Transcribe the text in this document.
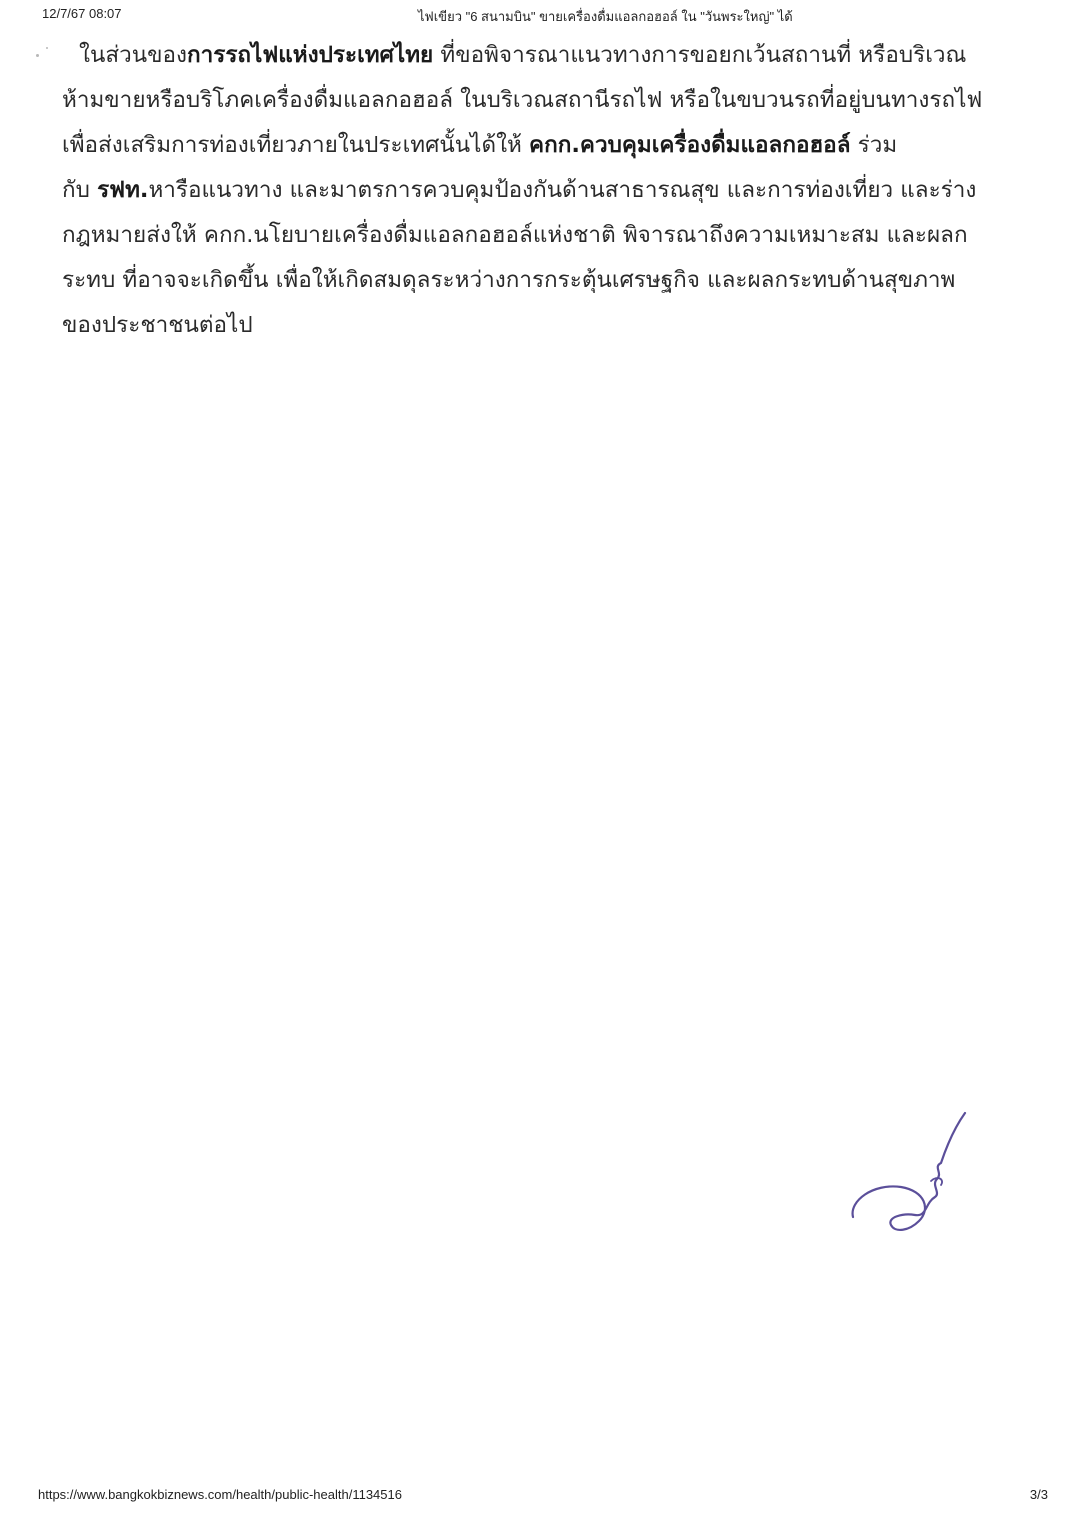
12/7/67 08:07	ไฟเขียว "6 สนามบิน" ขายเครื่องดื่มแอลกอฮอล์ ใน "วันพระใหญ่" ได้
ในส่วนของการรถไฟแห่งประเทศไทย ที่ขอพิจารณาแนวทางการขอยกเว้นสถานที่ หรือบริเวณ
ห้ามขายหรือบริโภคเครื่องดื่มแอลกอฮอล์ ในบริเวณสถานีรถไฟ หรือในขบวนรถที่อยู่บนทางรถไฟ
เพื่อส่งเสริมการท่องเที่ยวภายในประเทศนั้นได้ให้ คกก.ควบคุมเครื่องดื่มแอลกอฮอล์ ร่วม
กับ รฟท.หารือแนวทาง และมาตรการควบคุมป้องกันด้านสาธารณสุข และการท่องเที่ยว และร่าง
กฎหมายส่งให้ คกก.นโยบายเครื่องดื่มแอลกอฮอล์แห่งชาติ พิจารณาถึงความเหมาะสม และผลก
ระทบ ที่อาจจะเกิดขึ้น เพื่อให้เกิดสมดุลระหว่างการกระตุ้นเศรษฐกิจ และผลกระทบด้านสุขภาพ
ของประชาชนต่อไป
https://www.bangkokbiznews.com/health/public-health/1134516	3/3
